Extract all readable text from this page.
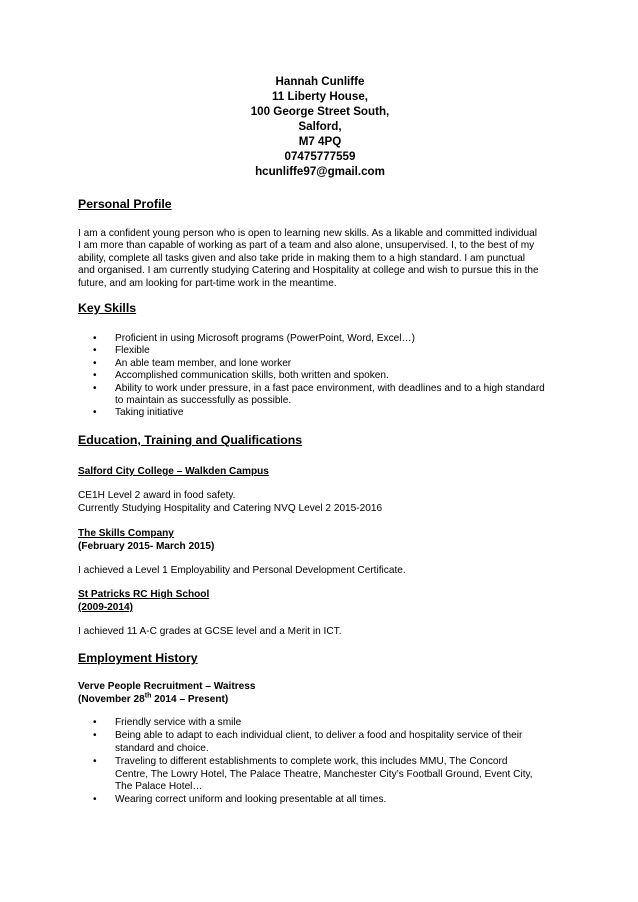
Hannah Cunliffe
11 Liberty House,
100 George Street South,
Salford,
M7 4PQ
07475777559
hcunliffe97@gmail.com
Personal Profile
I am a confident young person who is open to learning new skills. As a likable and committed individual
I am more than capable of working as part of a team and also alone, unsupervised. I, to the best of my
ability, complete all tasks given and also take pride in making them to a high standard. I am punctual
and organised. I am currently studying Catering and Hospitality at college and wish to pursue this in the
future, and am looking for part-time work in the meantime.
Key Skills
• Proficient in using Microsoft programs (PowerPoint, Word, Excel…)
• Flexible
• An able team member, and lone worker
• Accomplished communication skills, both written and spoken.
• Ability to work under pressure, in a fast pace environment, with deadlines and to a high standard
to maintain as successfully as possible.
• Taking initiative
Education, Training and Qualifications
Salford City College – Walkden Campus
CE1H Level 2 award in food safety.
Currently Studying Hospitality and Catering NVQ Level 2 2015-2016
The Skills Company
(February 2015- March 2015)
I achieved a Level 1 Employability and Personal Development Certificate.
St Patricks RC High School
(2009-2014)
I achieved 11 A-C grades at GCSE level and a Merit in ICT.
Employment History
Verve People Recruitment – Waitress
(November 28th 2014 – Present)
• Friendly service with a smile
• Being able to adapt to each individual client, to deliver a food and hospitality service of their
standard and choice.
• Traveling to different establishments to complete work, this includes MMU, The Concord
Centre, The Lowry Hotel, The Palace Theatre, Manchester City’s Football Ground, Event City,
The Palace Hotel…
• Wearing correct uniform and looking presentable at all times.
